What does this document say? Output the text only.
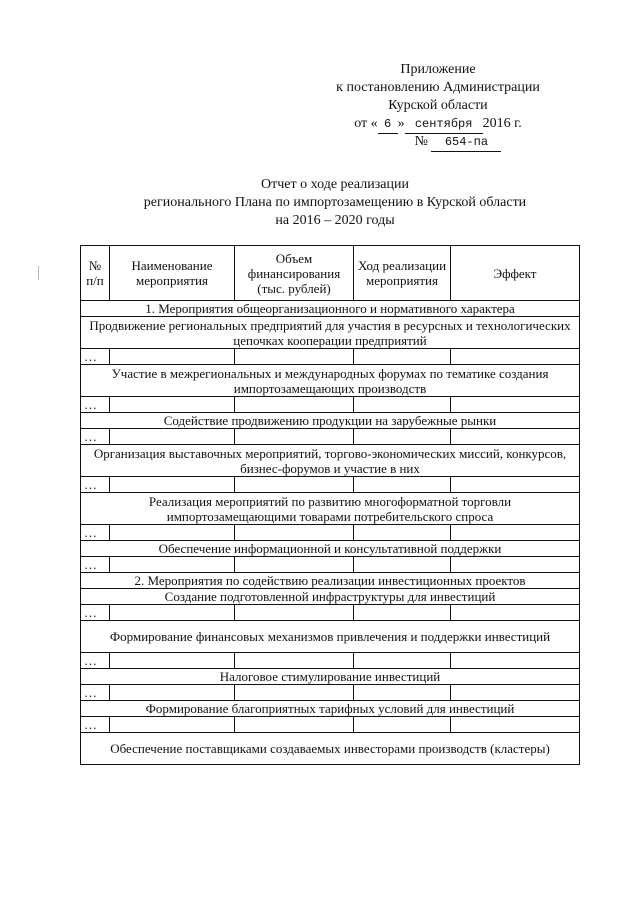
Приложение
к постановлению Администрации
Курской области
от « 6 » сентября 2016 г.
№ 654-па
Отчет о ходе реализации
регионального Плана по импортозамещению в Курской области
на 2016 – 2020 годы
№ п/п	Наименование мероприятия	Объем финансирования (тыс. рублей)	Ход реализации мероприятия	Эффект
1. Мероприятия общеорганизационного и нормативного характера				
Продвижение региональных предприятий для участия в ресурсных и технологических цепочках кооперации предприятий				
…				
Участие в межрегиональных и международных форумах по тематике создания импортозамещающих производств				
…				
Содействие продвижению продукции на зарубежные рынки				
…				
Организация выставочных мероприятий, торгово-экономических миссий, конкурсов, бизнес-форумов и участие в них				
…				
Реализация мероприятий по развитию многоформатной торговли импортозамещающими товарами потребительского спроса				
…				
Обеспечение информационной и консультативной поддержки				
…				
2. Мероприятия по содействию реализации инвестиционных проектов				
Создание подготовленной инфраструктуры для инвестиций				
…				
Формирование финансовых механизмов привлечения и поддержки инвестиций				
…				
Налоговое стимулирование инвестиций				
…				
Формирование благоприятных тарифных условий для инвестиций				
…				
Обеспечение поставщиками создаваемых инвесторами производств (кластеры)				
